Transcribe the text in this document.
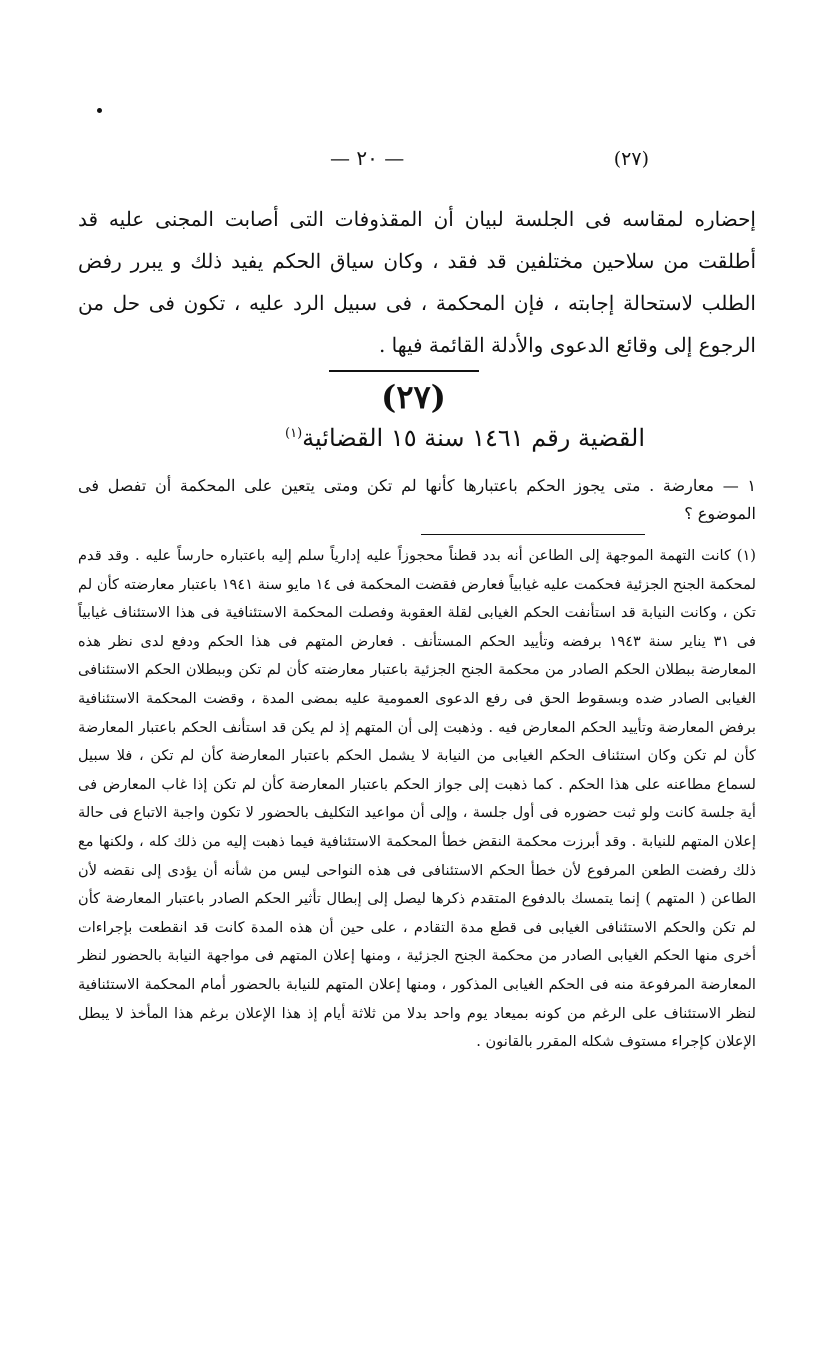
(٢٧)
— ٢٠ —

إحضاره لمقاسه فى الجلسة لبيان أن المقذوفات التى أصابت المجنى عليه قد أطلقت من سلاحين مختلفين قد فقد ، وكان سياق الحكم يفيد ذلك و يبرر رفض الطلب لاستحالة إجابته ، فإن المحكمة ، فى سبيل الرد عليه ، تكون فى حل من الرجوع إلى وقائع الدعوى والأدلة القائمة فيها .

(٢٧)
القضية رقم ١٤٦١ سنة ١٥ القضائية$^{(١)}$

١ — معارضة . متى يجوز الحكم باعتبارها كأنها لم تكن ومتى يتعين على المحكمة أن تفصل فى الموضوع ؟

(١) كانت التهمة الموجهة إلى الطاعن أنه بدد قطناً محجوزاً عليه إدارياً سلم إليه باعتباره حارساً عليه . وقد قدم لمحكمة الجنح الجزئية فحكمت عليه غيابياً فعارض فقضت المحكمة فى ١٤ مايو سنة ١٩٤١ باعتبار معارضته كأن لم تكن ، وكانت النيابة قد استأنفت الحكم الغيابى لقلة العقوبة وفصلت المحكمة الاستئنافية فى هذا الاستئناف غيابياً فى ٣١ يناير سنة ١٩٤٣ برفضه وتأييد الحكم المستأنف . فعارض المتهم فى هذا الحكم ودفع لدى نظر هذه المعارضة ببطلان الحكم الصادر من محكمة الجنح الجزئية باعتبار معارضته كأن لم تكن وببطلان الحكم الاستئنافى الغيابى الصادر ضده وبسقوط الحق فى رفع الدعوى العمومية عليه بمضى المدة ، وقضت المحكمة الاستئنافية برفض المعارضة وتأييد الحكم المعارض فيه . وذهبت إلى أن المتهم إذ لم يكن قد استأنف الحكم باعتبار المعارضة كأن لم تكن وكان استئناف الحكم الغيابى من النيابة لا يشمل الحكم باعتبار المعارضة كأن لم تكن ، فلا سبيل لسماع مطاعنه على هذا الحكم . كما ذهبت إلى جواز الحكم باعتبار المعارضة كأن لم تكن إذا غاب المعارض فى أية جلسة كانت ولو ثبت حضوره فى أول جلسة ، وإلى أن مواعيد التكليف بالحضور لا تكون واجبة الاتباع فى حالة إعلان المتهم للنيابة . وقد أبرزت محكمة النقض خطأ المحكمة الاستئنافية فيما ذهبت إليه من ذلك كله ، ولكنها مع ذلك رفضت الطعن المرفوع لأن خطأ الحكم الاستئنافى فى هذه النواحى ليس من شأنه أن يؤدى إلى نقضه لأن الطاعن ( المتهم ) إنما يتمسك بالدفوع المتقدم ذكرها ليصل إلى إبطال تأثير الحكم الصادر باعتبار المعارضة كأن لم تكن والحكم الاستئنافى الغيابى فى قطع مدة التقادم ، على حين أن هذه المدة كانت قد انقطعت بإجراءات أخرى منها الحكم الغيابى الصادر من محكمة الجنح الجزئية ، ومنها إعلان المتهم فى مواجهة النيابة بالحضور لنظر المعارضة المرفوعة منه فى الحكم الغيابى المذكور ، ومنها إعلان المتهم للنيابة بالحضور أمام المحكمة الاستئنافية لنظر الاستئناف على الرغم من كونه بميعاد يوم واحد بدلا من ثلاثة أيام إذ هذا الإعلان برغم هذا المأخذ لا يبطل الإعلان كإجراء مستوف شكله المقرر بالقانون .
